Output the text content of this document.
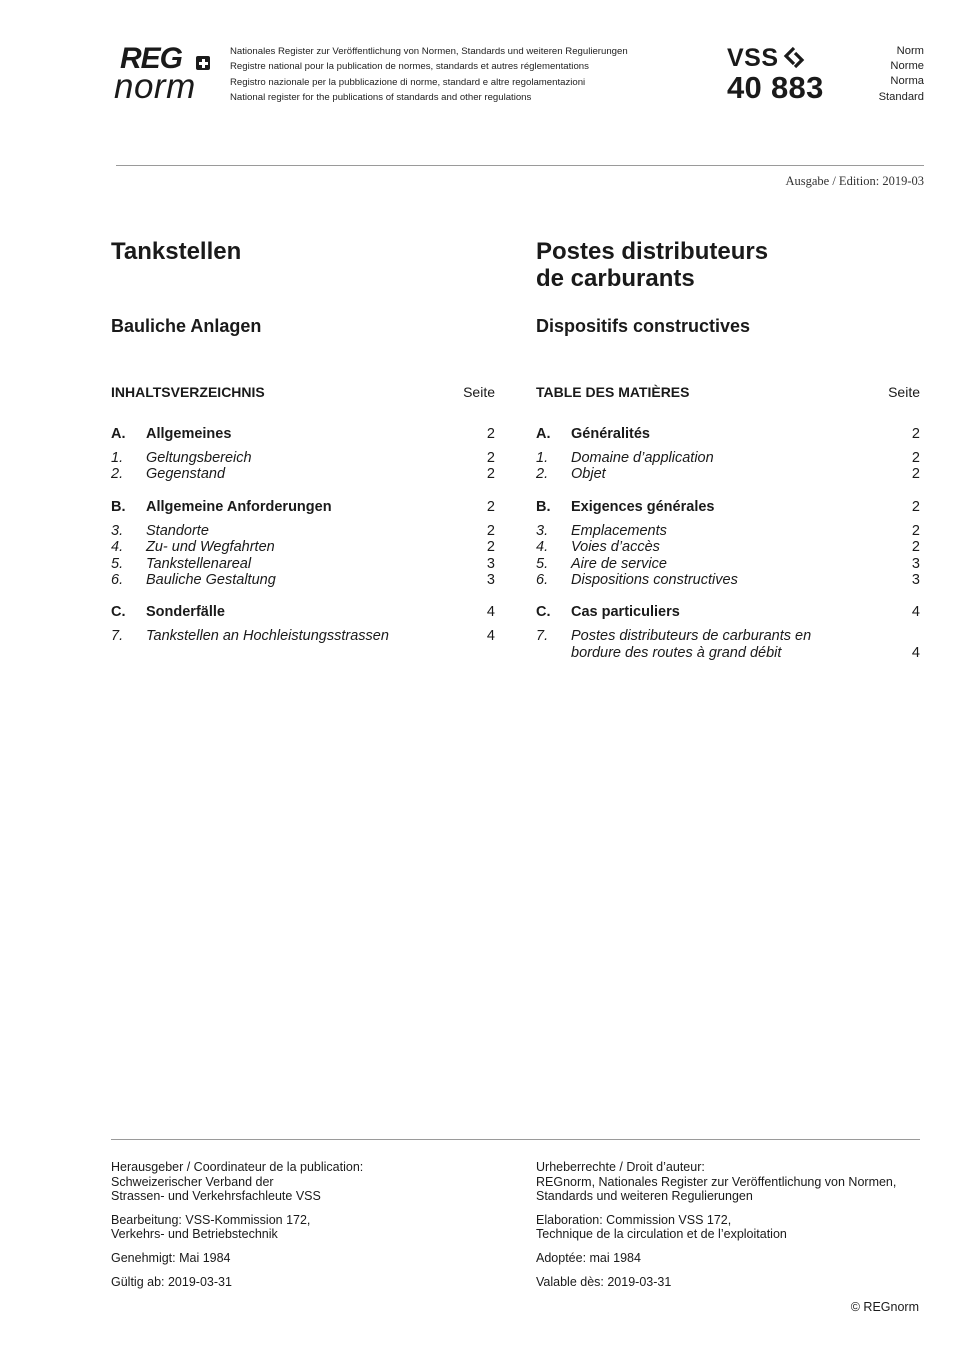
REG
norm
Nationales Register zur Veröffentlichung von Normen, Standards und weiteren Regulierungen
Registre national pour la publication de normes, standards et autres réglementations
Registro nazionale per la pubblicazione di norme, standard e altre regolamentazioni
National register for the publications of standards and other regulations
VSS
40 883
Norm
Norme
Norma
Standard
Ausgabe / Edition: 2019-03
Tankstellen
Bauliche Anlagen
INHALTSVERZEICHNIS	Seite
A.	Allgemeines	2
1.	Geltungsbereich	2
2.	Gegenstand	2
B.	Allgemeine Anforderungen	2
3.	Standorte	2
4.	Zu- und Wegfahrten	2
5.	Tankstellenareal	3
6.	Bauliche Gestaltung	3
C.	Sonderfälle	4
7.	Tankstellen an Hochleistungsstrassen	4
Postes distributeurs
de carburants
Dispositifs constructives
TABLE DES MATIÈRES	Seite
A.	Généralités	2
1.	Domaine d’application	2
2.	Objet	2
B.	Exigences générales	2
3.	Emplacements	2
4.	Voies d’accès	2
5.	Aire de service	3
6.	Dispositions constructives	3
C.	Cas particuliers	4
7.	Postes distributeurs de carburants en bordure des routes à grand débit	4

Herausgeber / Coordinateur de la publication:
Schweizerischer Verband der
Strassen- und Verkehrsfachleute VSS

Bearbeitung: VSS-Kommission 172,
Verkehrs- und Betriebstechnik

Genehmigt: Mai 1984

Gültig ab: 2019-03-31

Urheberrechte / Droit d’auteur:
REGnorm, Nationales Register zur Veröffentlichung von Normen,
Standards und weiteren Regulierungen

Elaboration: Commission VSS 172,
Technique de la circulation et de l’exploitation

Adoptée: mai 1984

Valable dès: 2019-03-31

© REGnorm
